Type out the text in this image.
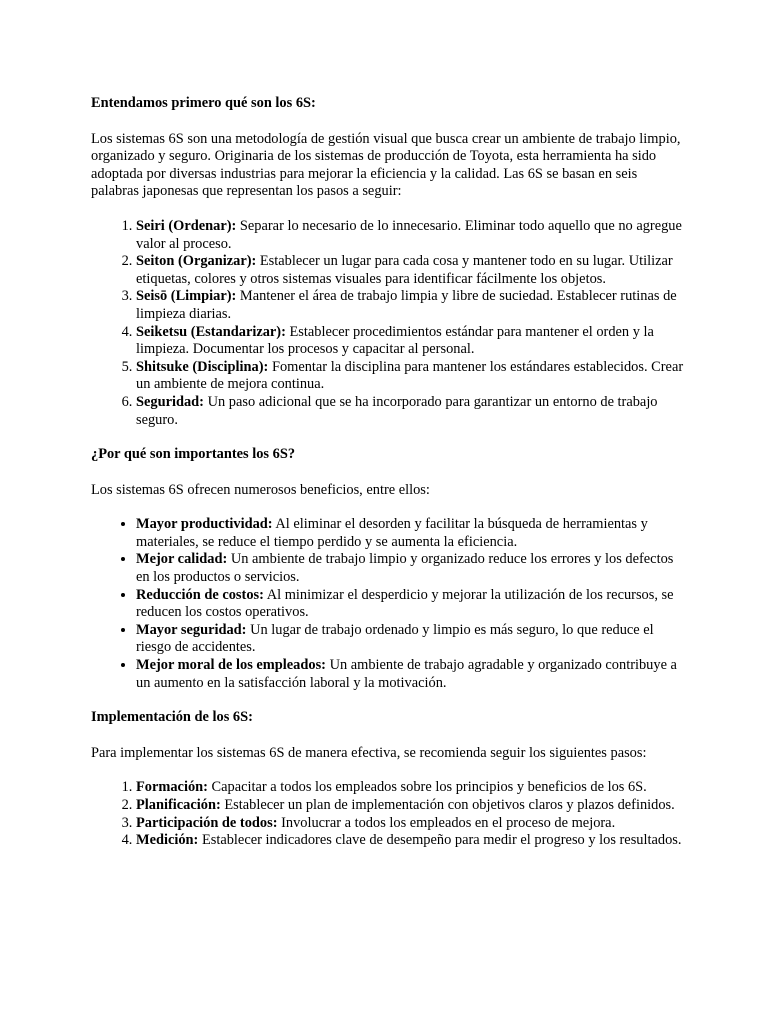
Entendamos primero qué son los 6S:

Los sistemas 6S son una metodología de gestión visual que busca crear un ambiente de trabajo limpio, organizado y seguro. Originaria de los sistemas de producción de Toyota, esta herramienta ha sido adoptada por diversas industrias para mejorar la eficiencia y la calidad. Las 6S se basan en seis palabras japonesas que representan los pasos a seguir:

1. Seiri (Ordenar): Separar lo necesario de lo innecesario. Eliminar todo aquello que no agregue valor al proceso.
2. Seiton (Organizar): Establecer un lugar para cada cosa y mantener todo en su lugar. Utilizar etiquetas, colores y otros sistemas visuales para identificar fácilmente los objetos.
3. Seisō (Limpiar): Mantener el área de trabajo limpia y libre de suciedad. Establecer rutinas de limpieza diarias.
4. Seiketsu (Estandarizar): Establecer procedimientos estándar para mantener el orden y la limpieza. Documentar los procesos y capacitar al personal.
5. Shitsuke (Disciplina): Fomentar la disciplina para mantener los estándares establecidos. Crear un ambiente de mejora continua.
6. Seguridad: Un paso adicional que se ha incorporado para garantizar un entorno de trabajo seguro.

¿Por qué son importantes los 6S?

Los sistemas 6S ofrecen numerosos beneficios, entre ellos:

• Mayor productividad: Al eliminar el desorden y facilitar la búsqueda de herramientas y materiales, se reduce el tiempo perdido y se aumenta la eficiencia.
• Mejor calidad: Un ambiente de trabajo limpio y organizado reduce los errores y los defectos en los productos o servicios.
• Reducción de costos: Al minimizar el desperdicio y mejorar la utilización de los recursos, se reducen los costos operativos.
• Mayor seguridad: Un lugar de trabajo ordenado y limpio es más seguro, lo que reduce el riesgo de accidentes.
• Mejor moral de los empleados: Un ambiente de trabajo agradable y organizado contribuye a un aumento en la satisfacción laboral y la motivación.

Implementación de los 6S:

Para implementar los sistemas 6S de manera efectiva, se recomienda seguir los siguientes pasos:

1. Formación: Capacitar a todos los empleados sobre los principios y beneficios de los 6S.
2. Planificación: Establecer un plan de implementación con objetivos claros y plazos definidos.
3. Participación de todos: Involucrar a todos los empleados en el proceso de mejora.
4. Medición: Establecer indicadores clave de desempeño para medir el progreso y los resultados.
